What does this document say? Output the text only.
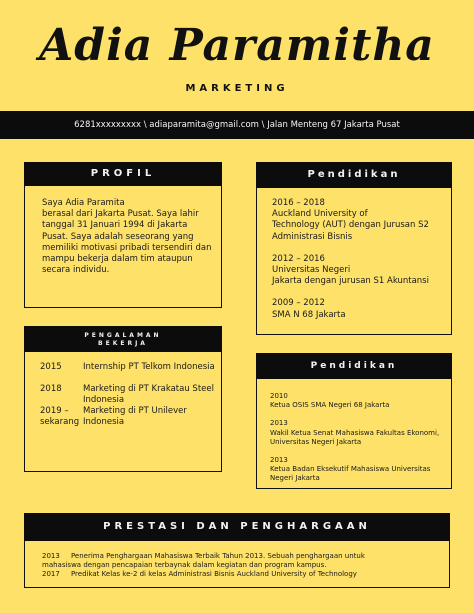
Adia Paramitha
MARKETING
6281xxxxxxxxx \ adiaparamita@gmail.com \ Jalan Menteng 67 Jakarta Pusat
PROFIL
Saya Adia Paramita
berasal dari Jakarta Pusat. Saya lahir
tanggal 31 Januari 1994 di Jakarta
Pusat. Saya adalah seseorang yang
memiliki motivasi pribadi tersendiri dan
mampu bekerja dalam tim ataupun
secara individu.
Pendidikan
2016 – 2018
Auckland University of
Technology (AUT) dengan Jurusan S2
Administrasi Bisnis
2012 – 2016
Universitas Negeri
Jakarta dengan jurusan S1 Akuntansi
2009 – 2012
SMA N 68 Jakarta
PENGALAMAN
BEKERJA
2015	Internship PT Telkom Indonesia
2018	Marketing di PT Krakatau Steel
Indonesia
2019 –
sekarang
Marketing di PT Unilever
Indonesia
Pendidikan
2010
Ketua OSIS SMA Negeri 68 Jakarta
2013
Wakil Ketua Senat Mahasiswa Fakultas Ekonomi,
Universitas Negeri Jakarta
2013
Ketua Badan Eksekutif Mahasiswa Universitas
Negeri Jakarta
PRESTASI DAN PENGHARGAAN
2013     Penerima Penghargaan Mahasiswa Terbaik Tahun 2013. Sebuah penghargaan untuk
mahasiswa dengan pencapaian terbaynak dalam kegiatan dan program kampus.
2017     Predikat Kelas ke-2 di kelas Administrasi Bisnis Auckland University of Technology
